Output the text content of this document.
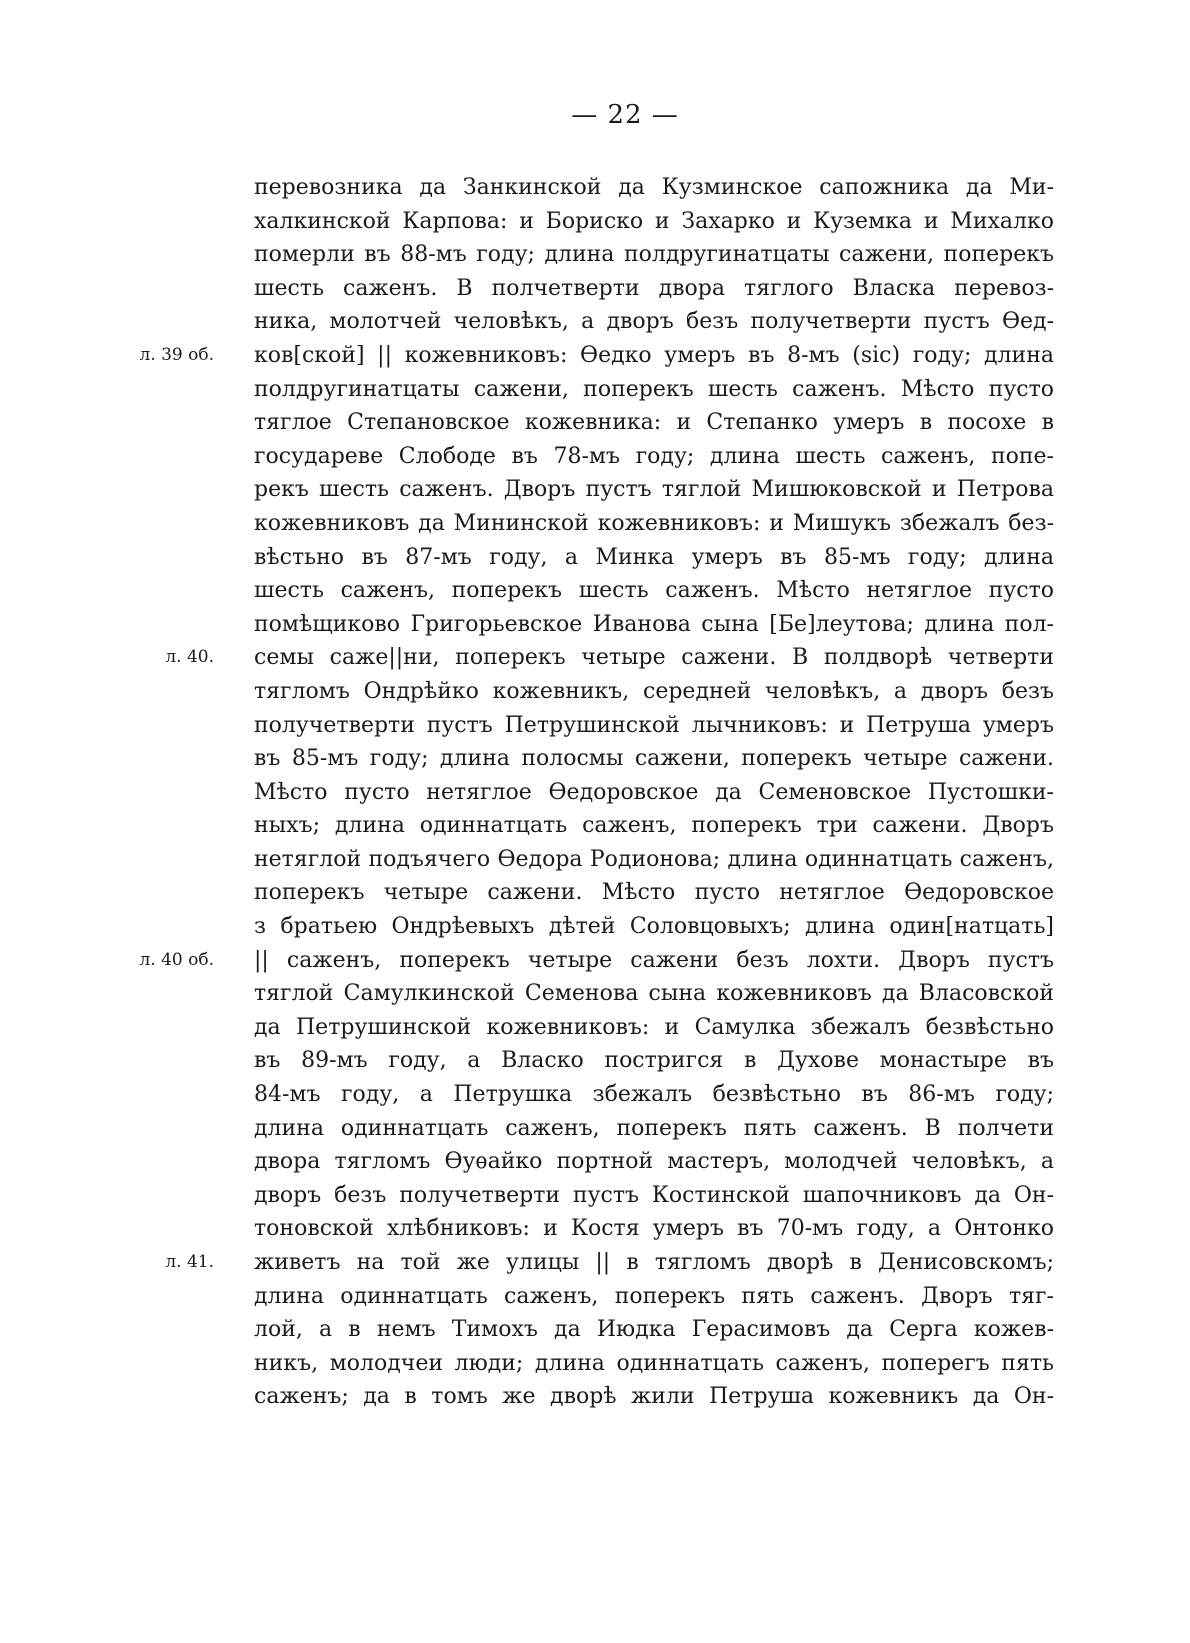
— 22 —
перевозника да Занкинской да Кузминское сапожника да Ми-
халкинской Карпова: и Бориско и Захарко и Куземка и Михалко
померли въ 88-мъ году; длина полдругинатцаты сажени, поперекъ
шесть саженъ. В полчетверти двора тяглого Власка перевоз-
ника, молотчей человѣкъ, а дворъ безъ получетверти пустъ Ѳед-
л. 39 об. ков[ской] || кожевниковъ: Ѳедко умеръ въ 8-мъ (sic) году; длина
полдругинатцаты сажени, поперекъ шесть саженъ. Мѣсто пусто
тяглое Степановское кожевника: и Степанко умеръ в посохе в
государеве Слободе въ 78-мъ году; длина шесть саженъ, попе-
рекъ шесть саженъ. Дворъ пустъ тяглой Мишюковской и Петрова
кожевниковъ да Мининской кожевниковъ: и Мишукъ збежалъ без-
вѣстьно въ 87-мъ году, а Минка умеръ въ 85-мъ году; длина
шесть саженъ, поперекъ шесть саженъ. Мѣсто нетяглое пусто
помѣщиково Григорьевское Иванова сына [Бе]леутова; длина пол-
л. 40. семы саже||ни, поперекъ четыре сажени. В полдворѣ четверти
тягломъ Ондрѣйко кожевникъ, середней человѣкъ, а дворъ безъ
получетверти пустъ Петрушинской лычниковъ: и Петруша умеръ
въ 85-мъ году; длина полосмы сажени, поперекъ четыре сажени.
Мѣсто пусто нетяглое Ѳедоровское да Семеновское Пустошки-
ныхъ; длина одиннатцать саженъ, поперекъ три сажени. Дворъ
нетяглой подъячего Ѳедора Родионова; длина одиннатцать саженъ,
поперекъ четыре сажени. Мѣсто пусто нетяглое Ѳедоровское
з братьею Ондрѣевыхъ дѣтей Соловцовыхъ; длина один[натцать]
л. 40 об. || саженъ, поперекъ четыре сажени безъ лохти. Дворъ пустъ
тяглой Самулкинской Семенова сына кожевниковъ да Власовской
да Петрушинской кожевниковъ: и Самулка збежалъ безвѣстьно
въ 89-мъ году, а Власко постригся в Духове монастыре въ
84-мъ году, а Петрушка збежалъ безвѣстьно въ 86-мъ году;
длина одиннатцать саженъ, поперекъ пять саженъ. В полчети
двора тягломъ Ѳуѳайко портной мастеръ, молодчей человѣкъ, а
дворъ безъ получетверти пустъ Костинской шапочниковъ да Он-
тоновской хлѣбниковъ: и Костя умеръ въ 70-мъ году, а Онтонко
л. 41. живетъ на той же улицы || в тягломъ дворѣ в Денисовскомъ;
длина одиннатцать саженъ, поперекъ пять саженъ. Дворъ тяг-
лой, а в немъ Тимохъ да Июдка Герасимовъ да Серга кожев-
никъ, молодчеи люди; длина одиннатцать саженъ, поперегъ пять
саженъ; да в томъ же дворѣ жили Петруша кожевникъ да Он-
